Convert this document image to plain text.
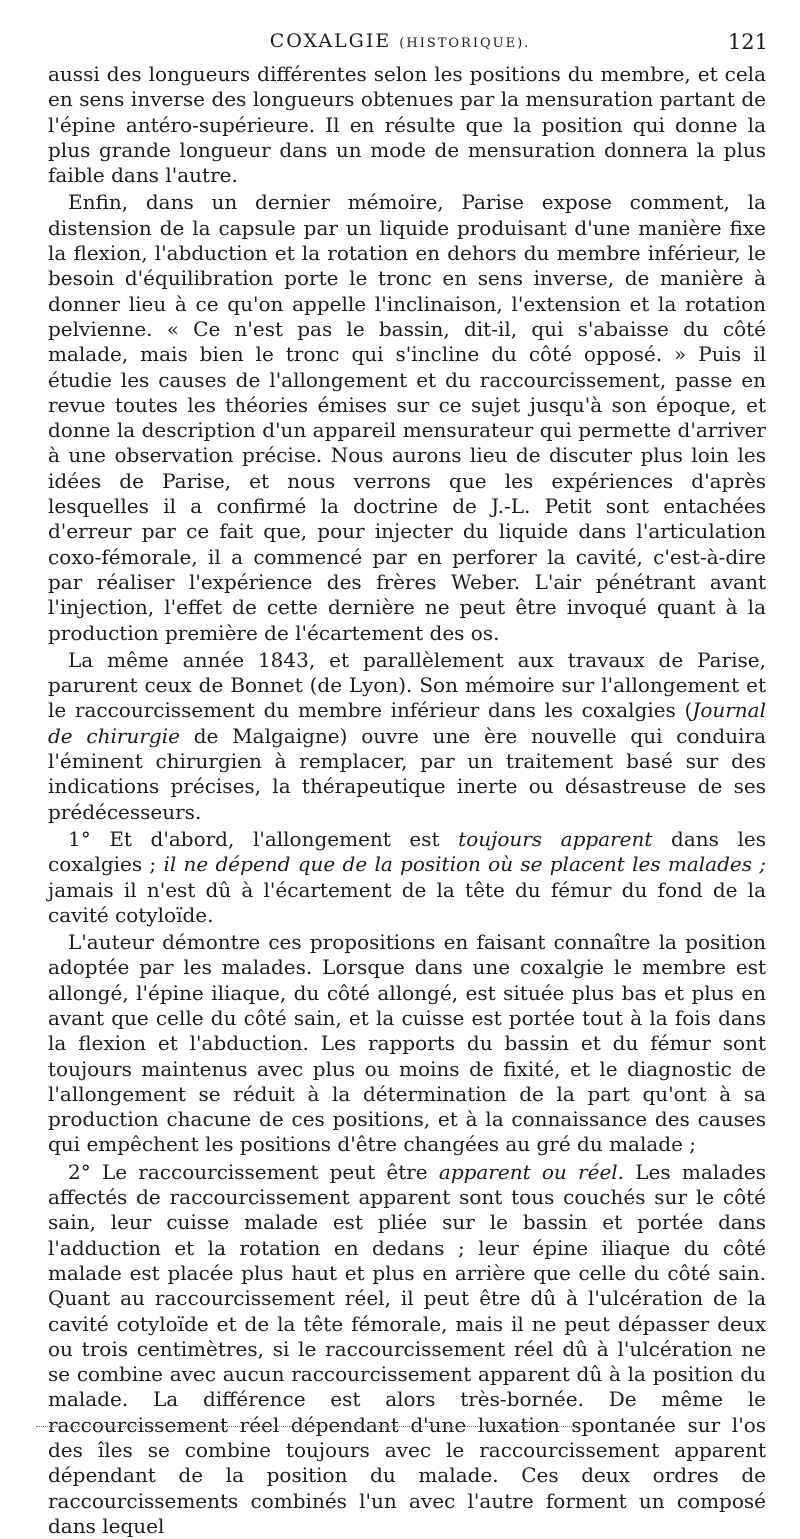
COXALGIE (HISTORIQUE).	121

aussi des longueurs différentes selon les positions du membre, et cela en sens inverse des longueurs obtenues par la mensuration partant de l'épine antéro-supérieure. Il en résulte que la position qui donne la plus grande longueur dans un mode de mensuration donnera la plus faible dans l'autre.

Enfin, dans un dernier mémoire, Parise expose comment, la distension de la capsule par un liquide produisant d'une manière fixe la flexion, l'abduction et la rotation en dehors du membre inférieur, le besoin d'équilibration porte le tronc en sens inverse, de manière à donner lieu à ce qu'on appelle l'inclinaison, l'extension et la rotation pelvienne. « Ce n'est pas le bassin, dit-il, qui s'abaisse du côté malade, mais bien le tronc qui s'incline du côté opposé. » Puis il étudie les causes de l'allongement et du raccourcissement, passe en revue toutes les théories émises sur ce sujet jusqu'à son époque, et donne la description d'un appareil mensurateur qui permette d'arriver à une observation précise. Nous aurons lieu de discuter plus loin les idées de Parise, et nous verrons que les expériences d'après lesquelles il a confirmé la doctrine de J.-L. Petit sont entachées d'erreur par ce fait que, pour injecter du liquide dans l'articulation coxo-fémorale, il a commencé par en perforer la cavité, c'est-à-dire par réaliser l'expérience des frères Weber. L'air pénétrant avant l'injection, l'effet de cette dernière ne peut être invoqué quant à la production première de l'écartement des os.

La même année 1843, et parallèlement aux travaux de Parise, parurent ceux de Bonnet (de Lyon). Son mémoire sur l'allongement et le raccourcissement du membre inférieur dans les coxalgies (Journal de chirurgie de Malgaigne) ouvre une ère nouvelle qui conduira l'éminent chirurgien à remplacer, par un traitement basé sur des indications précises, la thérapeutique inerte ou désastreuse de ses prédécesseurs.

1° Et d'abord, l'allongement est toujours apparent dans les coxalgies ; il ne dépend que de la position où se placent les malades ; jamais il n'est dû à l'écartement de la tête du fémur du fond de la cavité cotyloïde.

L'auteur démontre ces propositions en faisant connaître la position adoptée par les malades. Lorsque dans une coxalgie le membre est allongé, l'épine iliaque, du côté allongé, est située plus bas et plus en avant que celle du côté sain, et la cuisse est portée tout à la fois dans la flexion et l'abduction. Les rapports du bassin et du fémur sont toujours maintenus avec plus ou moins de fixité, et le diagnostic de l'allongement se réduit à la détermination de la part qu'ont à sa production chacune de ces positions, et à la connaissance des causes qui empêchent les positions d'être changées au gré du malade ;

2° Le raccourcissement peut être apparent ou réel. Les malades affectés de raccourcissement apparent sont tous couchés sur le côté sain, leur cuisse malade est pliée sur le bassin et portée dans l'adduction et la rotation en dedans ; leur épine iliaque du côté malade est placée plus haut et plus en arrière que celle du côté sain. Quant au raccourcissement réel, il peut être dû à l'ulcération de la cavité cotyloïde et de la tête fémorale, mais il ne peut dépasser deux ou trois centimètres, si le raccourcissement réel dû à l'ulcération ne se combine avec aucun raccourcissement apparent dû à la position du malade. La différence est alors très-bornée. De même le raccourcissement réel dépendant d'une luxation spontanée sur l'os des îles se combine toujours avec le raccourcissement apparent dépendant de la position du malade. Ces deux ordres de raccourcissements combinés l'un avec l'autre forment un composé dans lequel
